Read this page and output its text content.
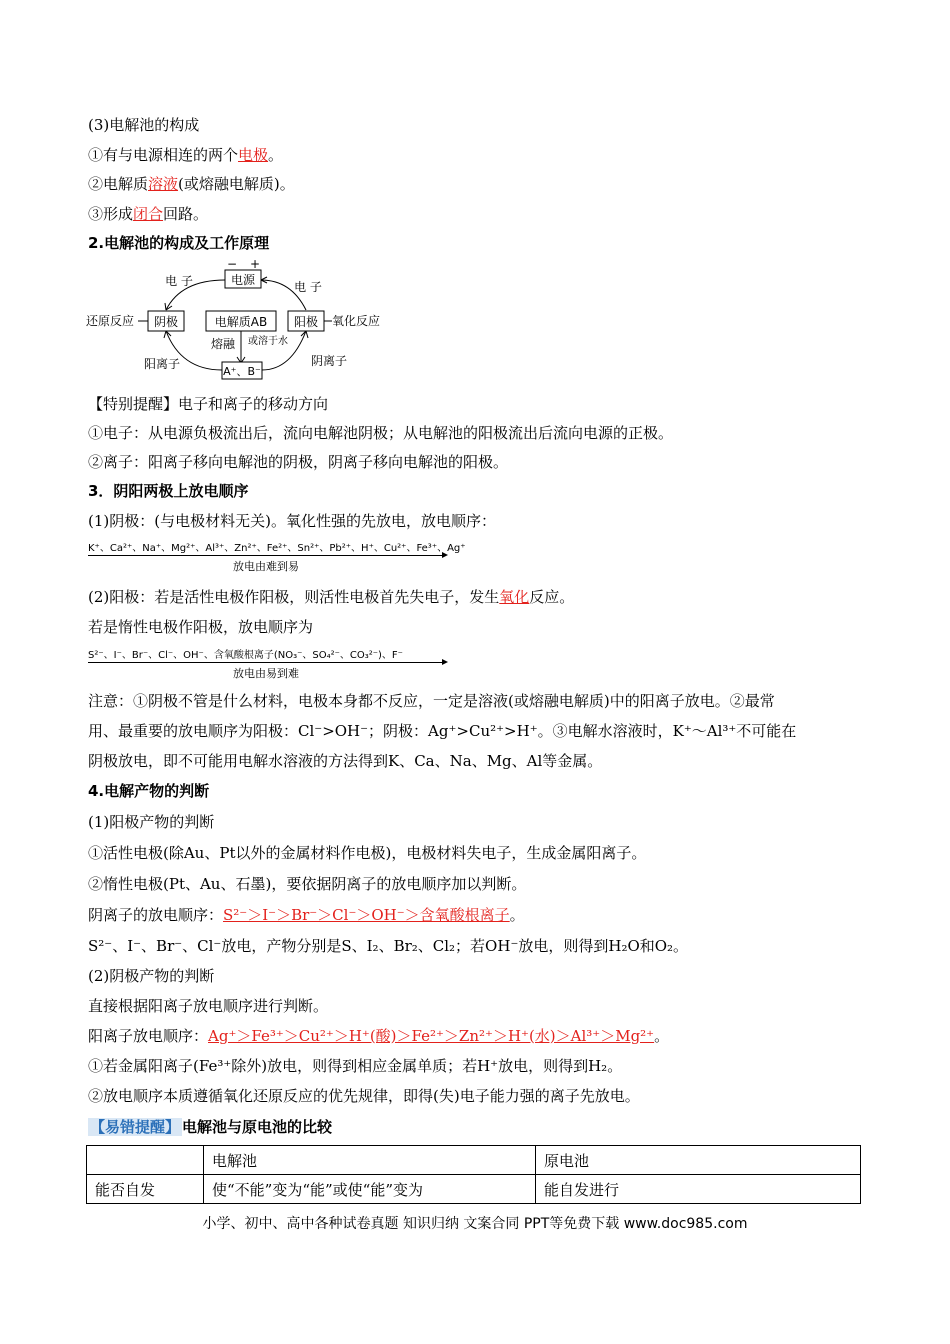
(3)电解池的构成
①有与电源相连的两个电极。
②电解质溶液(或熔融电解质)。
③形成闭合回路。
2.电解池的构成及工作原理
电源
− +
电 子	电 子
还原反应 阴极	电解质AB 阳极 氧化反应
熔融 或溶于水
A⁺、B⁻
阳离子	阴离子
【特别提醒】电子和离子的移动方向
①电子：从电源负极流出后，流向电解池阴极；从电解池的阳极流出后流向电源的正极。
②离子：阳离子移向电解池的阴极，阴离子移向电解池的阳极。
3．阴阳两极上放电顺序
(1)阴极：(与电极材料无关)。氧化性强的先放电，放电顺序：
K⁺、Ca²⁺、Na⁺、Mg²⁺、Al³⁺、Zn²⁺、Fe²⁺、Sn²⁺、Pb²⁺、H⁺、Cu²⁺、Fe³⁺、Ag⁺
放电由难到易
(2)阳极：若是活性电极作阳极，则活性电极首先失电子，发生氧化反应。
若是惰性电极作阳极，放电顺序为
S²⁻、I⁻、Br⁻、Cl⁻、OH⁻、含氧酸根离子(NO₃⁻、SO₄²⁻、CO₃²⁻)、F⁻
放电由易到难
注意：①阴极不管是什么材料，电极本身都不反应，一定是溶液(或熔融电解质)中的阳离子放电。②最常
用、最重要的放电顺序为阳极：Cl⁻>OH⁻；阴极：Ag⁺>Cu²⁺>H⁺。③电解水溶液时，K⁺～Al³⁺不可能在
阴极放电，即不可能用电解水溶液的方法得到K、Ca、Na、Mg、Al等金属。
4.电解产物的判断
(1)阳极产物的判断
①活性电极(除Au、Pt以外的金属材料作电极)，电极材料失电子，生成金属阳离子。
②惰性电极(Pt、Au、石墨)，要依据阴离子的放电顺序加以判断。
阴离子的放电顺序：S²⁻＞I⁻＞Br⁻＞Cl⁻＞OH⁻＞含氧酸根离子。
S²⁻、I⁻、Br⁻、Cl⁻放电，产物分别是S、I₂、Br₂、Cl₂；若OH⁻放电，则得到H₂O和O₂。
(2)阴极产物的判断
直接根据阳离子放电顺序进行判断。
阳离子放电顺序：Ag⁺＞Fe³⁺＞Cu²⁺＞H⁺(酸)＞Fe²⁺＞Zn²⁺＞H⁺(水)＞Al³⁺＞Mg²⁺。
①若金属阳离子(Fe³⁺除外)放电，则得到相应金属单质；若H⁺放电，则得到H₂。
②放电顺序本质遵循氧化还原反应的优先规律，即得(失)电子能力强的离子先放电。
【易错提醒】 电解池与原电池的比较
	电解池	原电池
能否自发	使“不能”变为“能”或使“能”变为	能自发进行
小学、初中、高中各种试卷真题 知识归纳 文案合同 PPT等免费下载 www.doc985.com
